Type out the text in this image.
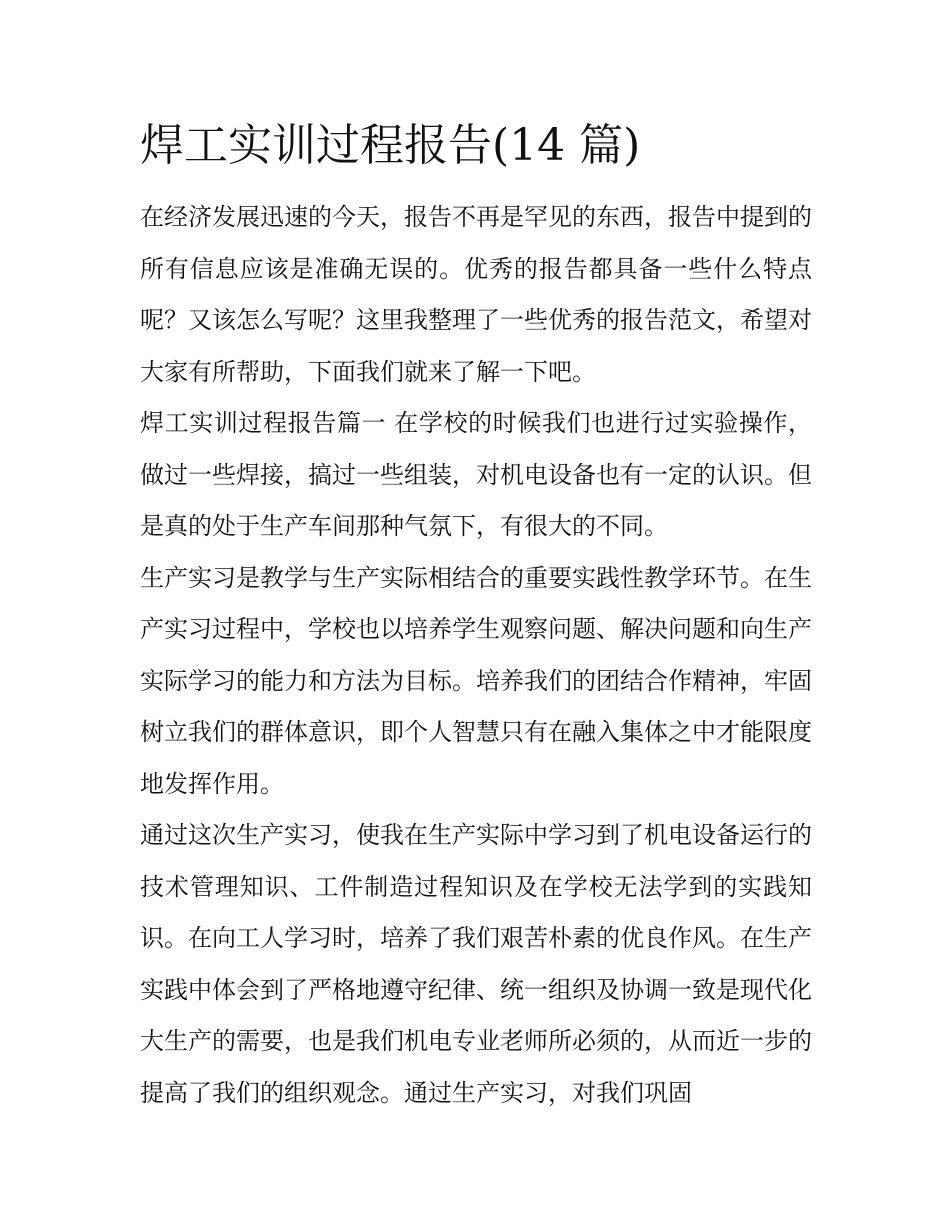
焊工实训过程报告(14 篇)

在经济发展迅速的今天，报告不再是罕见的东西，报告中提到的所有信息应该是准确无误的。优秀的报告都具备一些什么特点呢？又该怎么写呢？这里我整理了一些优秀的报告范文，希望对大家有所帮助，下面我们就来了解一下吧。

焊工实训过程报告篇一 在学校的时候我们也进行过实验操作，做过一些焊接，搞过一些组装，对机电设备也有一定的认识。但是真的处于生产车间那种气氛下，有很大的不同。

生产实习是教学与生产实际相结合的重要实践性教学环节。在生产实习过程中，学校也以培养学生观察问题、解决问题和向生产实际学习的能力和方法为目标。培养我们的团结合作精神，牢固树立我们的群体意识，即个人智慧只有在融入集体之中才能限度地发挥作用。

通过这次生产实习，使我在生产实际中学习到了机电设备运行的技术管理知识、工件制造过程知识及在学校无法学到的实践知识。在向工人学习时，培养了我们艰苦朴素的优良作风。在生产实践中体会到了严格地遵守纪律、统一组织及协调一致是现代化大生产的需要，也是我们机电专业老师所必须的，从而近一步的提高了我们的组织观念。通过生产实习，对我们巩固
